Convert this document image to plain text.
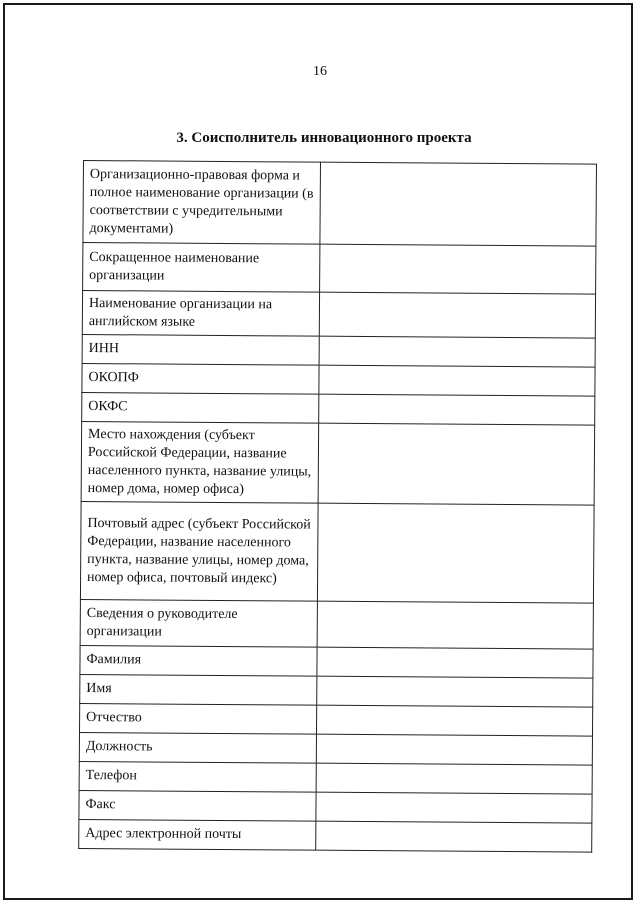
16
3. Соисполнитель инновационного проекта
Организационно-правовая форма и полное наименование организации (в соответствии с учредительными документами)	
Сокращенное наименование организации	
Наименование организации на английском языке	
ИНН	
ОКОПФ	
ОКФС	
Место нахождения (субъект Российской Федерации, название населенного пункта, название улицы, номер дома, номер офиса)	
Почтовый адрес (субъект Российской Федерации, название населенного пункта, название улицы, номер дома, номер офиса, почтовый индекс)	
Сведения о руководителе организации	
Фамилия	
Имя	
Отчество	
Должность	
Телефон	
Факс	
Адрес электронной почты	
